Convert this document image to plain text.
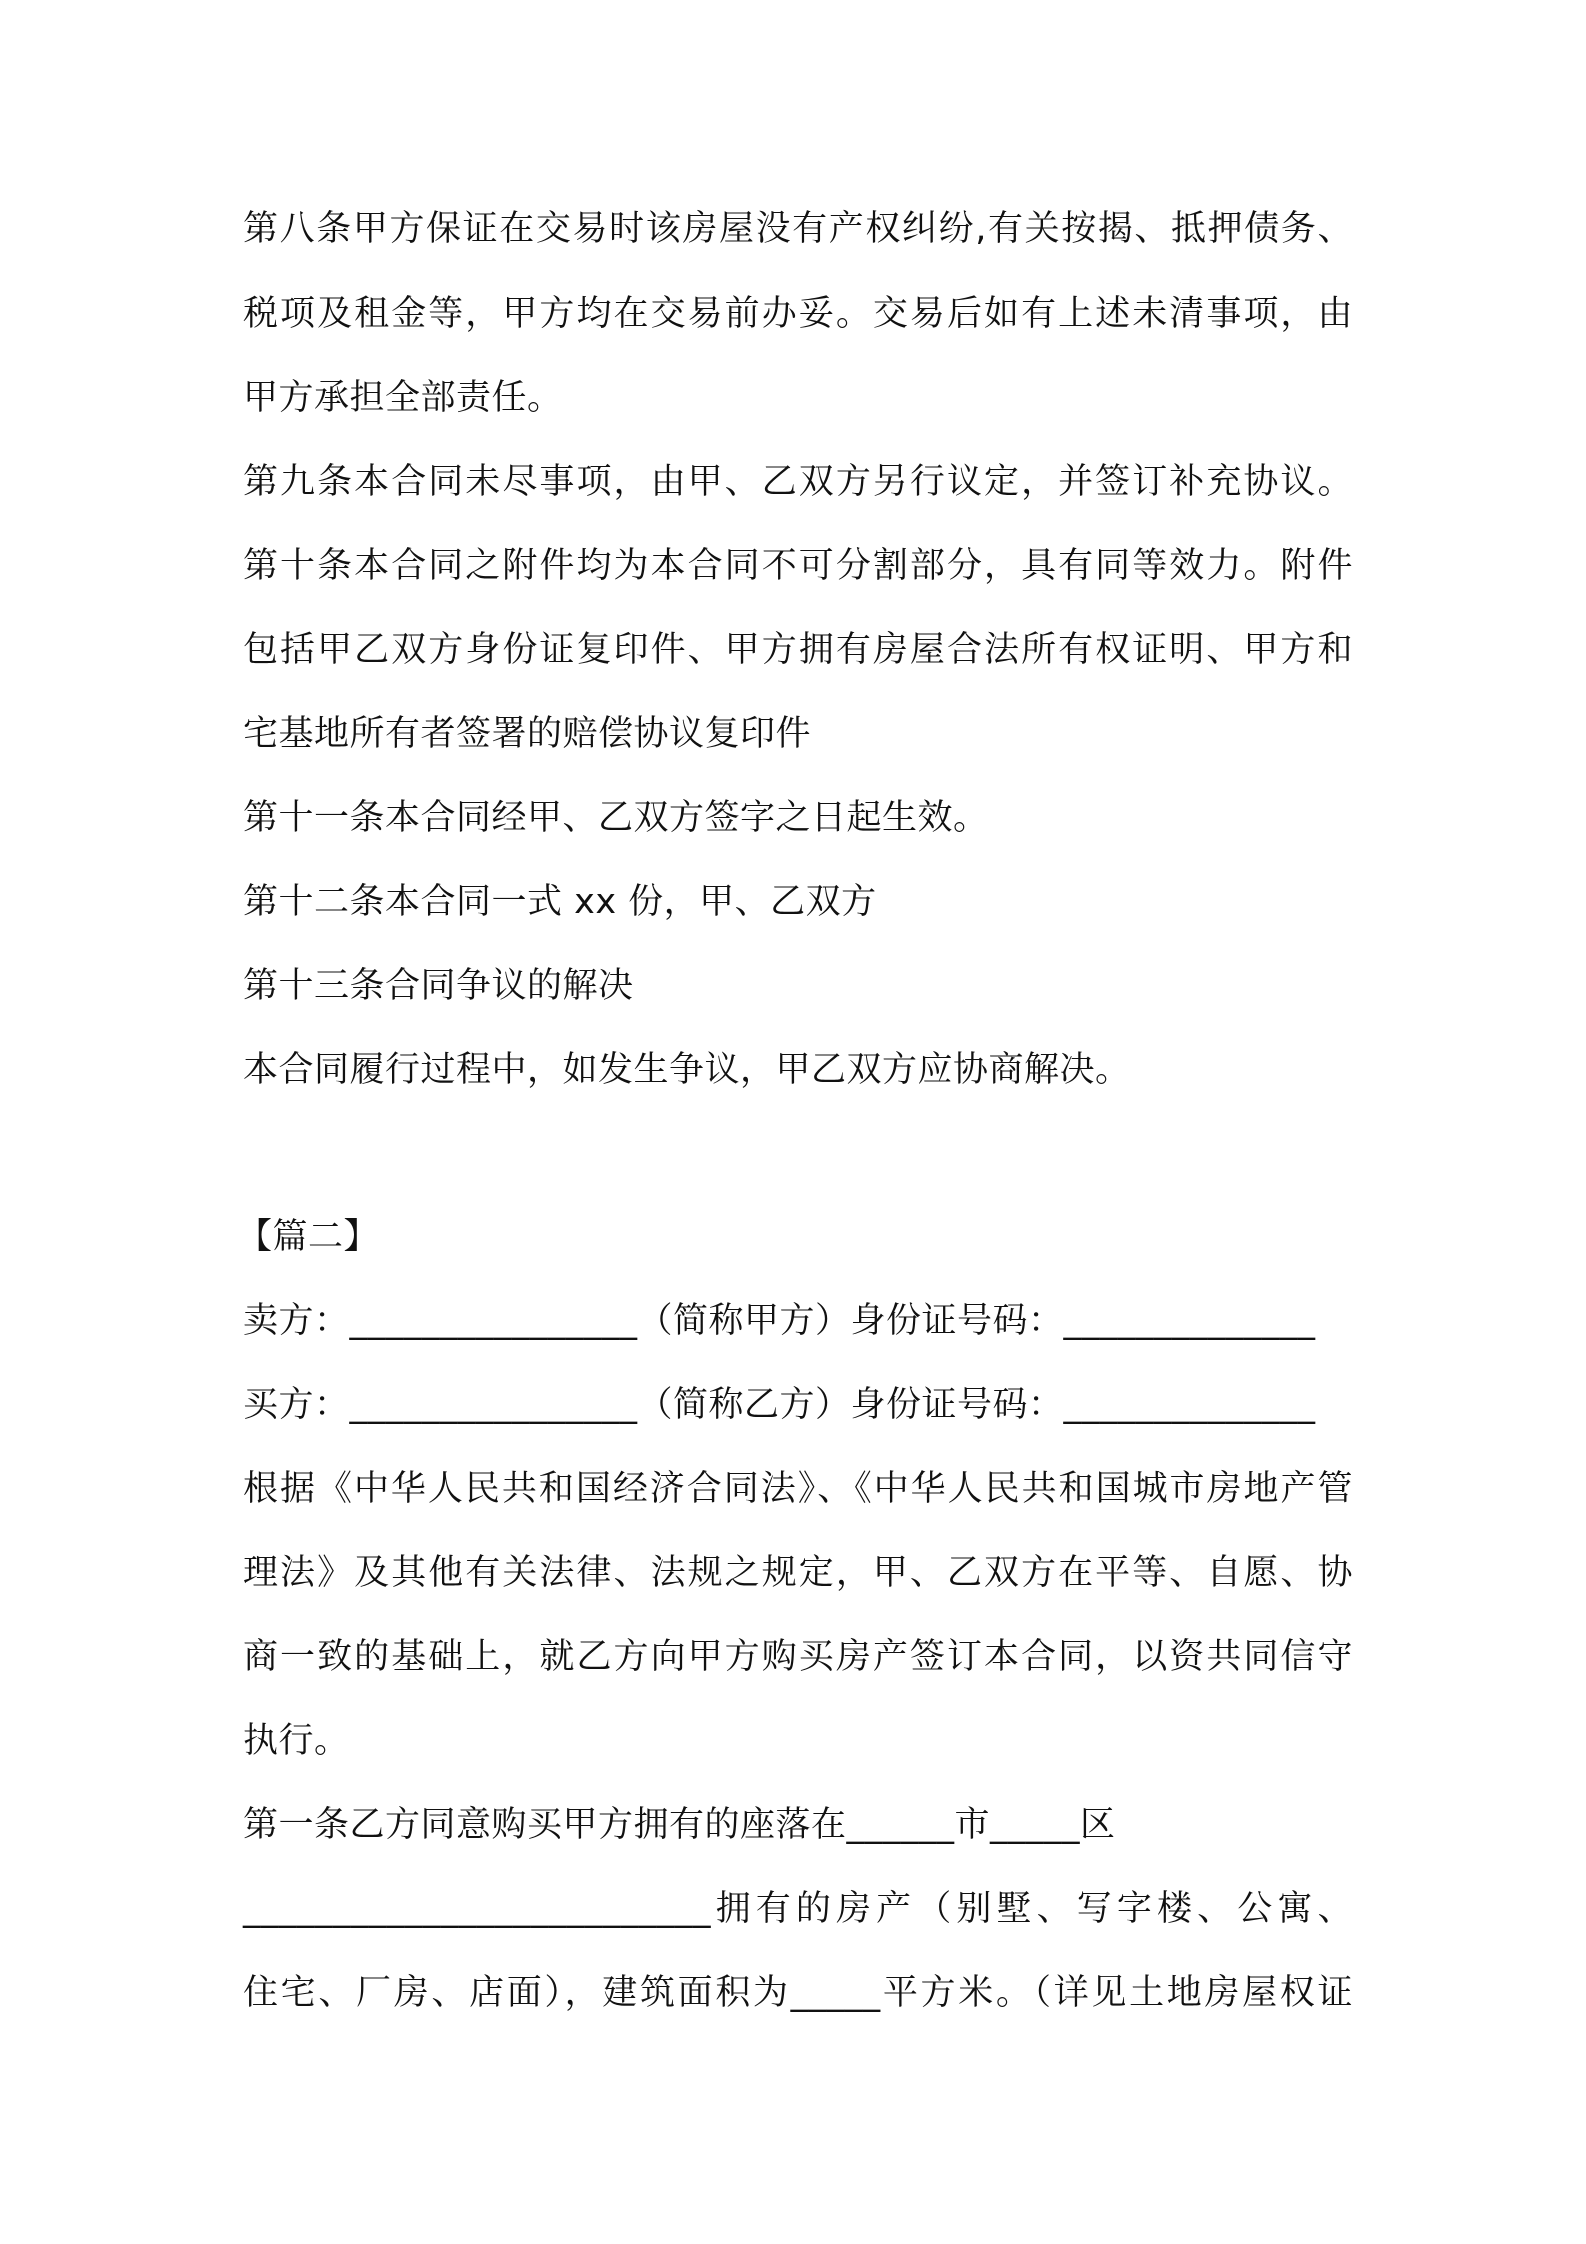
第八条甲方保证在交易时该房屋没有产权纠纷,有关按揭、抵押债务、
税项及租金等，甲方均在交易前办妥。交易后如有上述未清事项，由
甲方承担全部责任。
第九条本合同未尽事项，由甲、乙双方另行议定，并签订补充协议。
第十条本合同之附件均为本合同不可分割部分，具有同等效力。附件
包括甲乙双方身份证复印件、甲方拥有房屋合法所有权证明、甲方和
宅基地所有者签署的赔偿协议复印件
第十一条本合同经甲、乙双方签字之日起生效。
第十二条本合同一式 xx 份，甲、乙双方
第十三条合同争议的解决
本合同履行过程中，如发生争议，甲乙双方应协商解决。
【篇二】
卖方：________________（简称甲方）身份证号码：______________
买方：________________（简称乙方）身份证号码：______________
根据《中华人民共和国经济合同法》、《中华人民共和国城市房地产管
理法》及其他有关法律、法规之规定，甲、乙双方在平等、自愿、协
商一致的基础上，就乙方向甲方购买房产签订本合同，以资共同信守
执行。
第一条乙方同意购买甲方拥有的座落在______市_____区
__________________________拥有的房产（别墅、写字楼、公寓、
住宅、厂房、店面），建筑面积为_____平方米。（详见土地房屋权证
